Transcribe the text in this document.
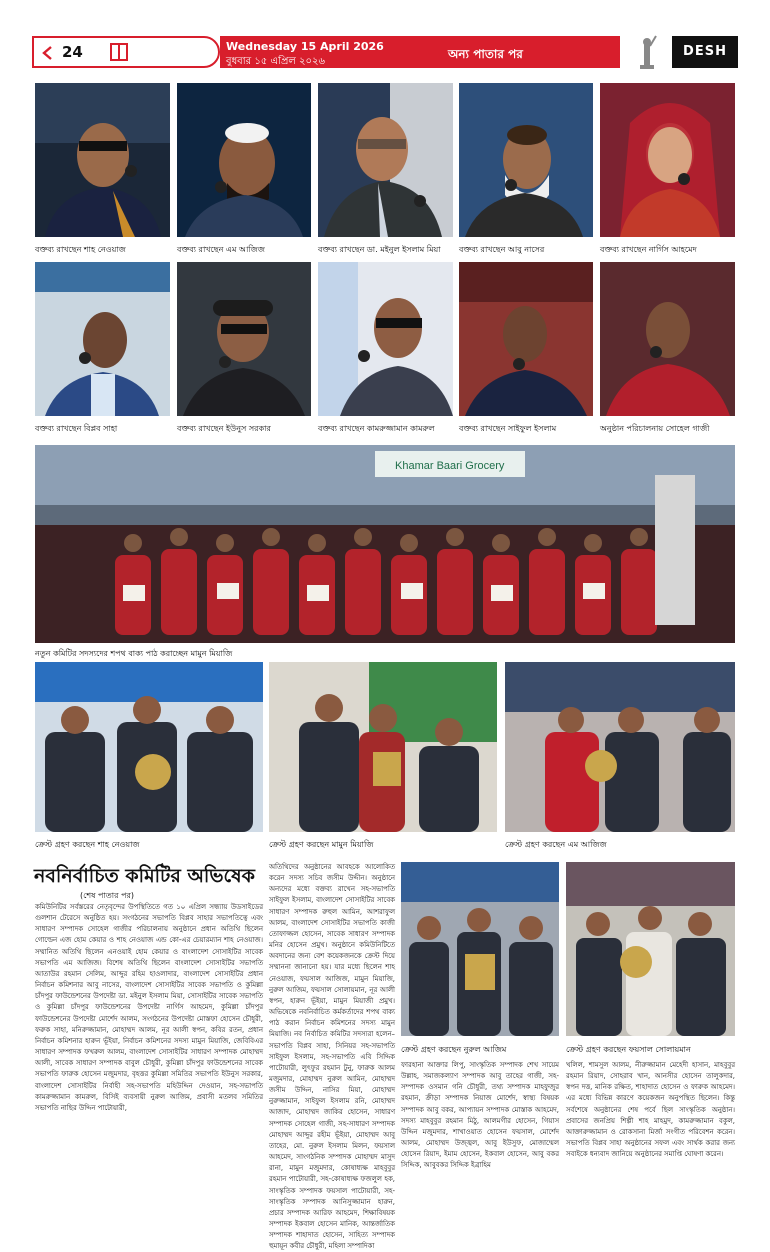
24	Wednesday 15 April 2026
বুধবার ১৫ এপ্রিল ২০২৬
অন্য পাতার পর	DESH
বক্তব্য রাখছেন শাহ নেওয়াজ	বক্তব্য রাখছেন এম আজিজ	বক্তব্য রাখছেন ডা. মইনুল ইসলাম মিয়া	বক্তব্য রাখছেন আবু নাসের	বক্তব্য রাখছেন নার্গিস আহমেদ
বক্তব্য রাখছেন বিপ্লব সাহা	বক্তব্য রাখছেন ইউনুস সরকার	বক্তব্য রাখছেন কামরুজ্জামান কামরুল	বক্তব্য রাখছেন সাইফুল ইসলাম	অনুষ্ঠান পরিচালনায় সোহেল গাজী
Khamar Baari Grocery
নতুন কমিটির সদস্যদের শপথ বাক্য পাঠ করাচ্ছেন মামুন মিয়াজি
ক্রেস্ট গ্রহণ করছেন শাহ নেওয়াজ	ক্রেস্ট গ্রহণ করছেন মামুন মিয়াজি	ক্রেস্ট গ্রহণ করছেন এম আজিজ
ক্রেস্ট গ্রহণ করছেন নুরুল আজিম	ক্রেস্ট গ্রহণ করছেন ফয়সাল সোলায়মান
নবনির্বাচিত কমিটির অভিষেক
(শেষ পাতার পর)
কমিউনিটির সর্বস্তরের নেতৃবৃন্দের উপস্থিতিতে গত ১০ এপ্রিল সন্ধ্যায় উডসাইডের গুলশান টেরেসে অনুষ্ঠিত হয়। সংগঠনের সভাপতি বিপ্লব সাহার সভাপতিত্বে এবং সাধারণ সম্পাদক সোহেল গাজীর পরিচালনায় অনুষ্ঠানে প্রধান অতিথি ছিলেন গোল্ডেন এজ হোম কেয়ার ও শাহ নেওয়াজ এন্ড কো-এর চেয়ারম্যান শাহ নেওয়াজ। সম্মানিত অতিথি ছিলেন এনওয়াই হোম কেয়ার ও বাংলাদেশ সোসাইটির সাবেক সভাপতি এম আজিজ। বিশেষ অতিথি ছিলেন বাংলাদেশ সোসাইটির সভাপতি আতাউর রহমান সেলিম, আব্দুর রহিম হাওলাদার, বাংলাদেশ সোসাইটির প্রধান নির্বাচন কমিশনার আবু নাসের, বাংলাদেশ সোসাইটির সাবেক সভাপতি ও কুমিল্লা চাঁদপুর ফাউন্ডেশনের উপদেষ্টা ডা. মইনুল ইসলাম মিয়া, সোসাইটির সাবেক সভাপতি ও কুমিল্লা চাঁদপুর ফাউন্ডেশনের উপদেষ্টা নার্গিস আহমেদ, কুমিল্লা চাঁদপুর ফাউন্ডেশনের উপদেষ্টা মোর্শেদ আলম, সংগঠনের উপদেষ্টা মোস্তফা হোসেন চৌধুরী, ফরুক সাহা, মনিরুজ্জামান, মোহাম্মদ আলম, নূর আলী স্বপন, কবির রতন, প্রধান নির্বাচন কমিশনার হারুন ভূঁইয়া, নির্বাচন কমিশনের সদস্য মামুন মিয়াজি, জেবিবিএর সাধারণ সম্পাদক ফখরুল আলম, বাংলাদেশ সোসাইটির সাধারণ সম্পাদক মোহাম্মদ আলী, সাবেক সাধারণ সম্পাদক বাবুল চৌধুরী, কুমিল্লা চাঁদপুর ফাউন্ডেশনের সাবেক সভাপতি ফারুক হোসেন মজুমদার, বৃহত্তর কুমিল্লা সমিতির সভাপতি ইউনুস সরকার, বাংলাদেশ সোসাইটির নির্বাহী সহ-সভাপতি মহিউদ্দিন দেওয়ান, সহ-সভাপতি কামরুজ্জামান কামরুল, বিসিই ব্যবসায়ী নুরুল আজিম, প্রবাসী মতলব সমিতির সভাপতি নাছির উদ্দিন পাটোয়ারী,
অতিথিদের অনুষ্ঠানের আবহকে আলোকিত করেন সদস্য সচিব জসীম উদ্দীন। অনুষ্ঠানে অন্যদের মধ্যে বক্তব্য রাখেন সহ-সভাপতি সাইফুল ইসলাম, বাংলাদেশ সোসাইটির সাবেক সাধারণ সম্পাদক রুহুল আমিন, আশরাফুল আলম, বাংলাদেশ সোসাইটির সভাপতি কাজী তোফাজ্জল হোসেন, সাবেক সাধারণ সম্পাদক মনির হোসেন প্রমুখ। অনুষ্ঠানে কমিউনিটিতে অবদানের জন্য বেশ কয়েকজনকে ক্রেস্ট দিয়ে সম্মাননা জানানো হয়। যার মধ্যে ছিলেন শাহ নেওয়াজ, ফয়সাল আজিজ, মামুন মিয়াজি, নুরুল আজিম, ফয়সাল সোলায়মান, নূর আলী স্বপন, হারুন ভূঁইয়া, মামুন মিয়াজী প্রমুখ। অভিষেকে নবনির্বাচিত কর্মকর্তাদের শপথ বাক্য পাঠ করান নির্বাচন কমিশনের সদস্য মামুন মিয়াজি। নব নির্বাচিত কমিটির সদস্যরা হলেন–সভাপতি বিপ্লব সাহা, সিনিয়র সহ-সভাপতি সাইফুল ইসলাম, সহ-সভাপতি এবি সিদ্দিক পাটোয়ারী, লুৎফুর রহমান টুনু, ফারুক আলম মজুমদার, মোহাম্মদ নুরুল আমিন, মোহাম্মদ জসীম উদ্দিন, নাসির মিয়া, মোহাম্মদ নুরুজ্জামান, সাইফুল ইসলাম রনি, মোহাম্মদ আজাদ, মোহাম্মদ জাকির হোসেন, সাধারণ সম্পাদক সোহেল গাজী, সহ-সাধারণ সম্পাদক মোহাম্মদ আব্দুর রহীম ভূঁইয়া, মোহাম্মদ আবু তাহের, মো. নুরুল ইসলাম মিলন, ফয়সাল আহমেদ, সাংগঠনিক সম্পাদক মোহাম্মদ মাসুদ রানা, মামুন মজুমদার, কোষাধ্যক্ষ মাহবুবুর রহমান পাটোয়ারী, সহ-কোষাধ্যক্ষ ফজলুল হক, সাংস্কৃতিক সম্পাদক ফয়সাল পাটোয়ারী, সহ-সাংস্কৃতিক সম্পাদক আনিসুজ্জামান হারুন, প্রচার সম্পাদক আরিফ আহমেদ, শিক্ষাবিষয়ক সম্পাদক ইকবাল হোসেন মানিক, আন্তর্জাতিক সম্পাদক শাহাদাত হোসেন, সাহিত্য সম্পাদক হুমায়ূন কবীর চৌধুরী, মহিলা সম্পাদিকা
ফারহানা আক্তার লিপু, সাংস্কৃতিক সম্পাদক শেখ সায়েম উল্লাহ, সমাজকল্যাণ সম্পাদক আবু তাহের গাজী, সহ-সম্পাদক ওসমান গনি চৌধুরী, তথ্য সম্পাদক মাহফুজুর রহমান, ক্রীড়া সম্পাদক নিয়াজ মোর্শেদ, স্বাস্থ্য বিষয়ক সম্পাদক আবু বকর, আপ্যায়ন সম্পাদক মোস্তাক আহমেদ, সদস্য মাহবুবুর রহমান মিঠু, আলমগীর হোসেন, গিয়াস উদ্দিন মজুমদার, শাখাওয়াত হোসেন ফয়সাল, মোর্শেদ আলম, মোহাম্মদ উজ্জ্বল, আবু ইউসুফ, মোজাম্মেল হোসেন রিয়াদ, ইমাম হোসেন, ইকবাল হোসেন, আবু বকর সিদ্দিক, আবুবকর সিদ্দিক ইব্রাহিম
খলিল, শামসুল আলম, নীরুজ্জামান মেহেদী হাসান, মাহবুবুর রহমান রিয়াদ, সোহরাব খান, আনসীর হোসেন তালুকদার, স্বপন দত্ত, মানিক রক্ষিত, শাহাদাত হোসেন ও ফারুক আহমেদ। এর মধ্যে বিভিন্ন কারণে কয়েকজন অনুপস্থিত ছিলেন। কিন্তু সর্বশেষে অনুষ্ঠানের শেষ পর্বে ছিল সাংস্কৃতিক অনুষ্ঠান। প্রবাসের জনপ্রিয় শিল্পী শাহ মাহমুদ, কামরুজ্জামান বকুল, আক্তারুজ্জামান ও রোকসানা মির্জা সংগীত পরিবেশন করেন। সভাপতি বিপ্লব সাহা অনুষ্ঠানের সফল এবং সার্থক করার জন্য সবাইকে ধন্যবাদ জানিয়ে অনুষ্ঠানের সমাপ্তি ঘোষণা করেন।
